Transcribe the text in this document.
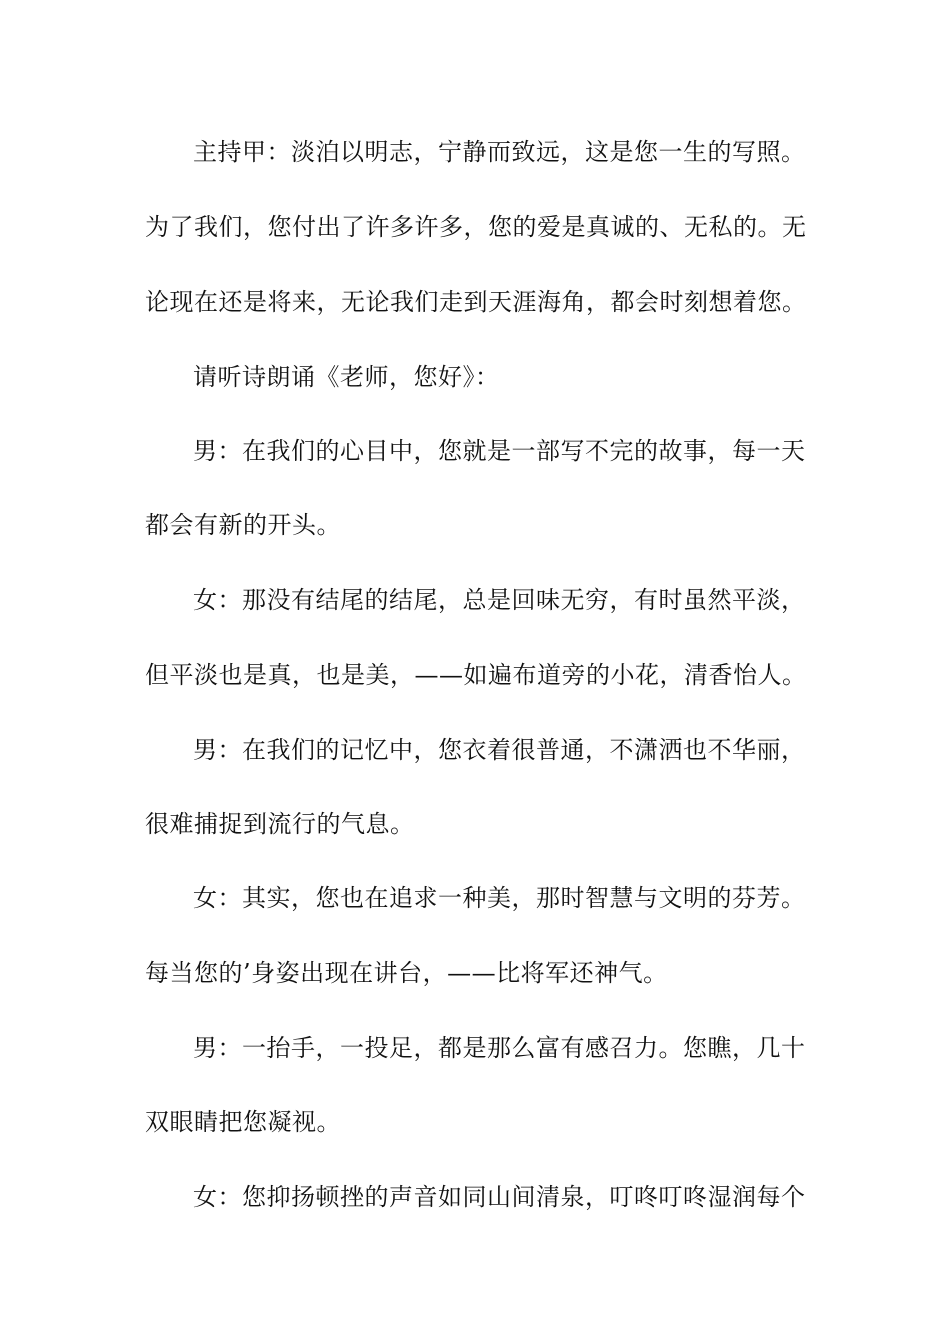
主持甲：淡泊以明志，宁静而致远，这是您一生的写照。
为了我们，您付出了许多许多，您的爱是真诚的、无私的。无
论现在还是将来，无论我们走到天涯海角，都会时刻想着您。
请听诗朗诵《老师，您好》：
男：在我们的心目中，您就是一部写不完的故事，每一天
都会有新的开头。
女：那没有结尾的结尾，总是回味无穷，有时虽然平淡，
但平淡也是真，也是美，——如遍布道旁的小花，清香怡人。
男：在我们的记忆中，您衣着很普通，不潇洒也不华丽，
很难捕捉到流行的气息。
女：其实，您也在追求一种美，那时智慧与文明的芬芳。
每当您的’身姿出现在讲台，——比将军还神气。
男：一抬手，一投足，都是那么富有感召力。您瞧，几十
双眼睛把您凝视。
女：您抑扬顿挫的声音如同山间清泉，叮咚叮咚湿润每个
